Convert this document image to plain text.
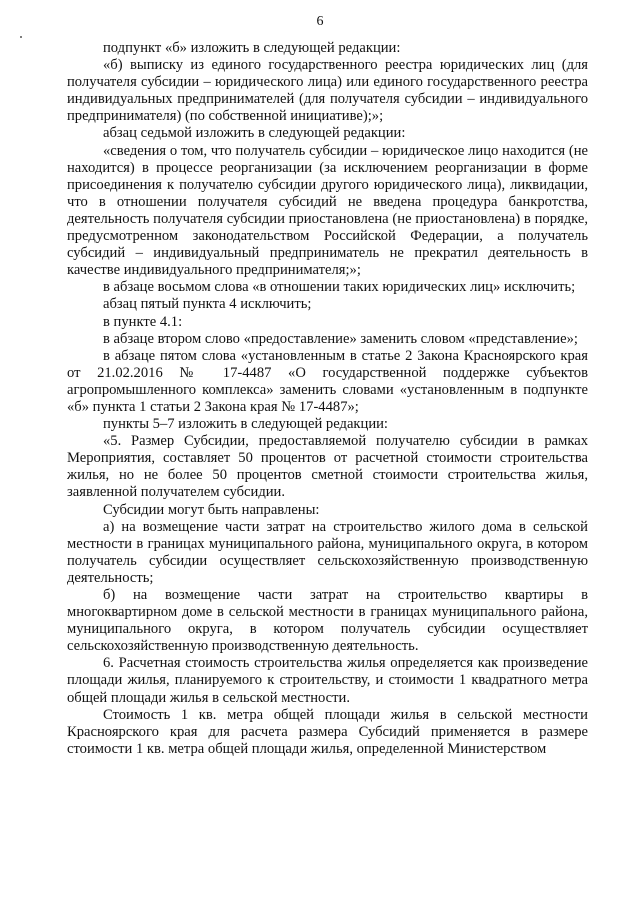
6

подпункт «б» изложить в следующей редакции:

«б) выписку из единого государственного реестра юридических лиц (для получателя субсидии – юридического лица) или единого государственного реестра индивидуальных предпринимателей (для получателя субсидии – индивидуального предпринимателя) (по собственной инициативе);»;

абзац седьмой изложить в следующей редакции:

«сведения о том, что получатель субсидии – юридическое лицо находится (не находится) в процессе реорганизации (за исключением реорганизации в форме присоединения к получателю субсидии другого юридического лица), ликвидации, что в отношении получателя субсидий не введена процедура банкротства, деятельность получателя субсидии приостановлена (не приостановлена) в порядке, предусмотренном законодательством Российской Федерации, а получатель субсидий – индивидуальный предприниматель не прекратил деятельность в качестве индивидуального предпринимателя;»;

в абзаце восьмом слова «в отношении таких юридических лиц» исключить;

абзац пятый пункта 4 исключить;

в пункте 4.1:

в абзаце втором слово «предоставление» заменить словом «представление»;

в абзаце пятом слова «установленным в статье 2 Закона Красноярского края от 21.02.2016 № 17-4487 «О государственной поддержке субъектов агропромышленного комплекса» заменить словами «установленным в подпункте «б» пункта 1 статьи 2 Закона края № 17-4487»;

пункты 5–7 изложить в следующей редакции:

«5. Размер Субсидии, предоставляемой получателю субсидии в рамках Мероприятия, составляет 50 процентов от расчетной стоимости строительства жилья, но не более 50 процентов сметной стоимости строительства жилья, заявленной получателем субсидии.

Субсидии могут быть направлены:

а) на возмещение части затрат на строительство жилого дома в сельской местности в границах муниципального района, муниципального округа, в котором получатель субсидии осуществляет сельскохозяйственную производственную деятельность;

б) на возмещение части затрат на строительство квартиры в многоквартирном доме в сельской местности в границах муниципального района, муниципального округа, в котором получатель субсидии осуществляет сельскохозяйственную производственную деятельность.

6. Расчетная стоимость строительства жилья определяется как произведение площади жилья, планируемого к строительству, и стоимости 1 квадратного метра общей площади жилья в сельской местности.

Стоимость 1 кв. метра общей площади жилья в сельской местности Красноярского края для расчета размера Субсидий применяется в размере стоимости 1 кв. метра общей площади жилья, определенной Министерством
